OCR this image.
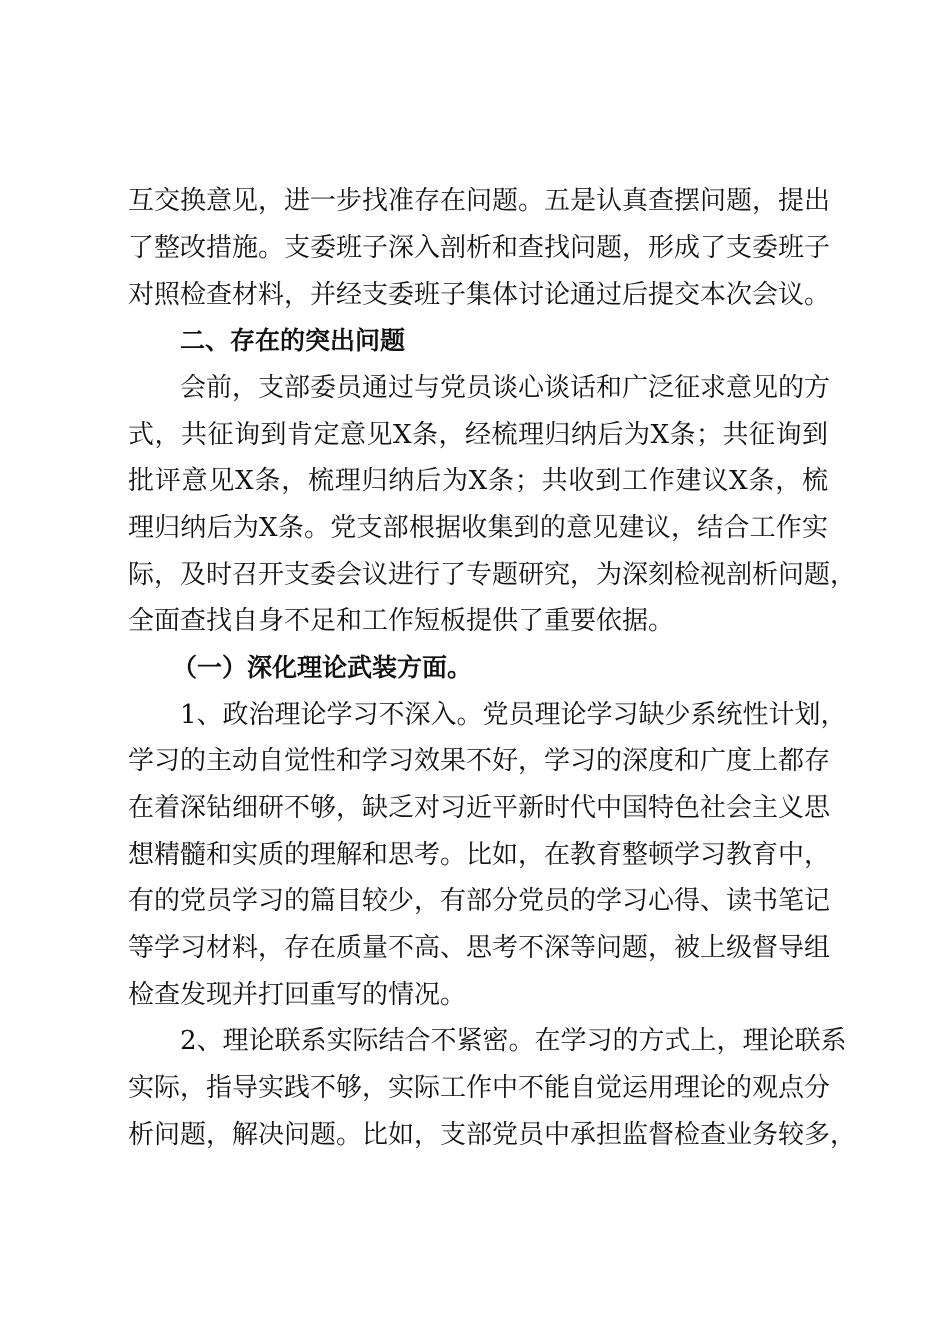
互交换意见，进一步找准存在问题。五是认真查摆问题，提出
了整改措施。支委班子深入剖析和查找问题，形成了支委班子
对照检查材料，并经支委班子集体讨论通过后提交本次会议。
二、存在的突出问题
会前，支部委员通过与党员谈心谈话和广泛征求意见的方
式，共征询到肯定意见X条，经梳理归纳后为X条；共征询到
批评意见X条，梳理归纳后为X条；共收到工作建议X条，梳
理归纳后为X条。党支部根据收集到的意见建议，结合工作实
际，及时召开支委会议进行了专题研究，为深刻检视剖析问题，
全面查找自身不足和工作短板提供了重要依据。
（一）深化理论武装方面。
1、政治理论学习不深入。党员理论学习缺少系统性计划，
学习的主动自觉性和学习效果不好，学习的深度和广度上都存
在着深钻细研不够，缺乏对习近平新时代中国特色社会主义思
想精髓和实质的理解和思考。比如，在教育整顿学习教育中，
有的党员学习的篇目较少，有部分党员的学习心得、读书笔记
等学习材料，存在质量不高、思考不深等问题，被上级督导组
检查发现并打回重写的情况。
2、理论联系实际结合不紧密。在学习的方式上，理论联系
实际，指导实践不够，实际工作中不能自觉运用理论的观点分
析问题，解决问题。比如，支部党员中承担监督检查业务较多，
